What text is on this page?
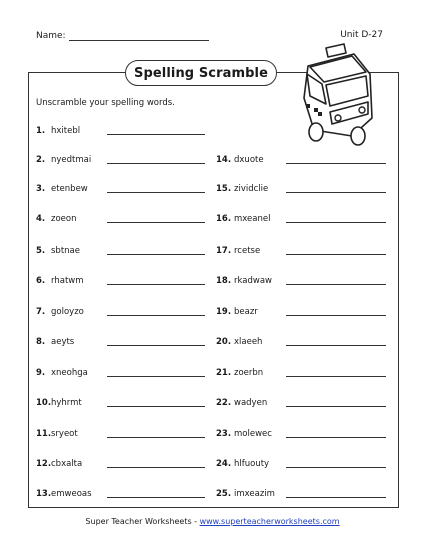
Name:	Unit D-27
Spelling Scramble
Unscramble your spelling words.
1. hxitebl
2. nyedtmai
3. etenbew
4. zoeon
5. sbtnae
6. rhatwm
7. goloyzo
8. aeyts
9. xneohga
10. hyhrmt
11. sryeot
12. cbxalta
13. emweoas
14. dxuote
15. zividclie
16. mxeanel
17. rcetse
18. rkadwaw
19. beazr
20. xlaeeh
21. zoerbn
22. wadyen
23. molewec
24. hlfuouty
25. imxeazim
Super Teacher Worksheets - www.superteacherworksheets.com
